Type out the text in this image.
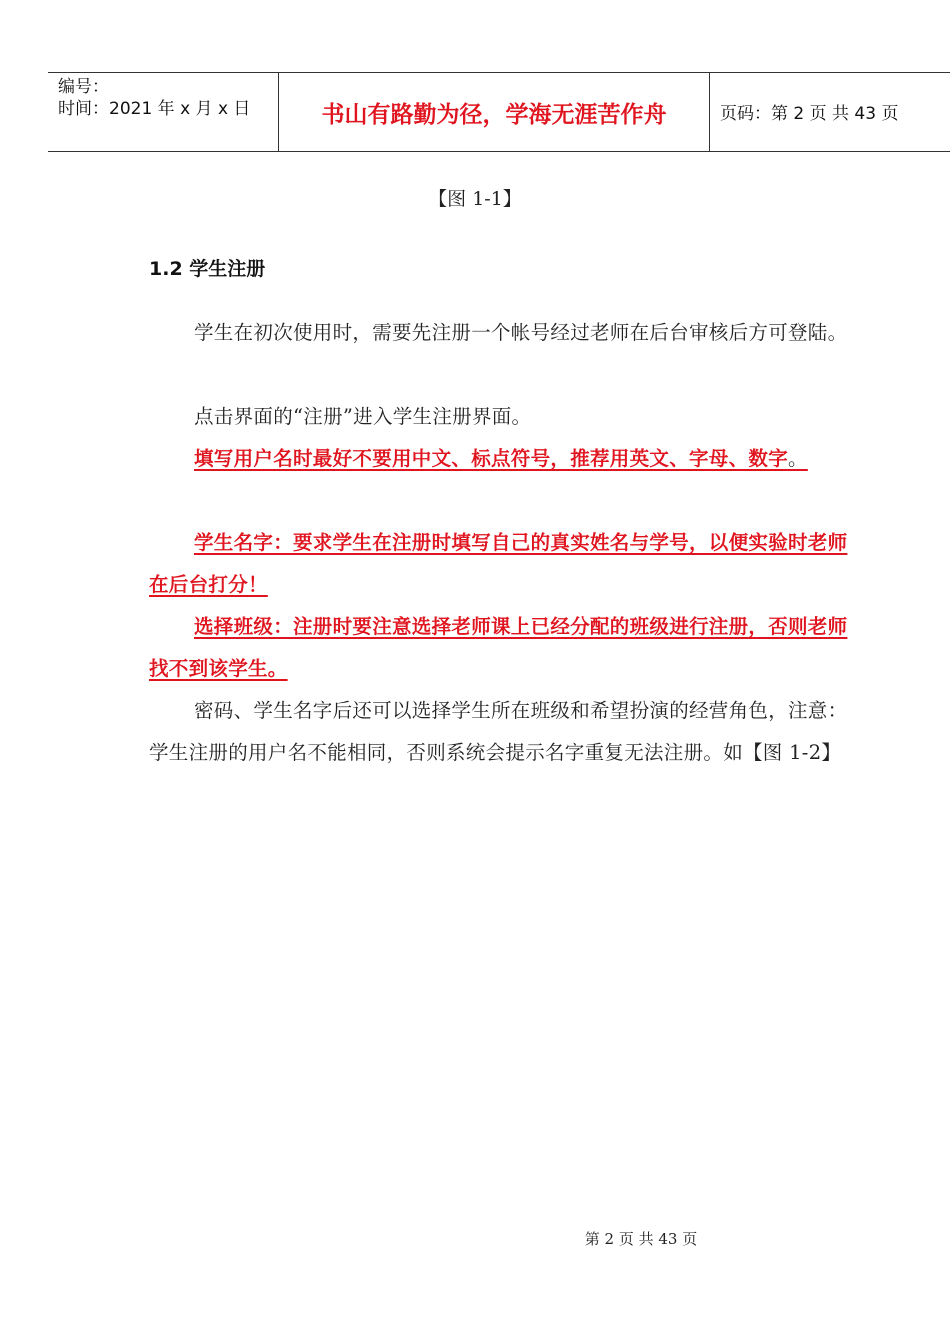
编号：
时间：2021 年 x 月 x 日	书山有路勤为径，学海无涯苦作舟	页码：第 2 页 共 43 页
【图 1-1】
1.2 学生注册
学生在初次使用时，需要先注册一个帐号经过老师在后台审核后方可登陆。
点击界面的“注册”进入学生注册界面。
填写用户名时最好不要用中文、标点符号，推荐用英文、字母、数字。
学生名字：要求学生在注册时填写自己的真实姓名与学号，以便实验时老师在后台打分！
选择班级：注册时要注意选择老师课上已经分配的班级进行注册，否则老师找不到该学生。
密码、学生名字后还可以选择学生所在班级和希望扮演的经营角色，注意：学生注册的用户名不能相同，否则系统会提示名字重复无法注册。如【图 1-2】
第 2 页 共 43 页
